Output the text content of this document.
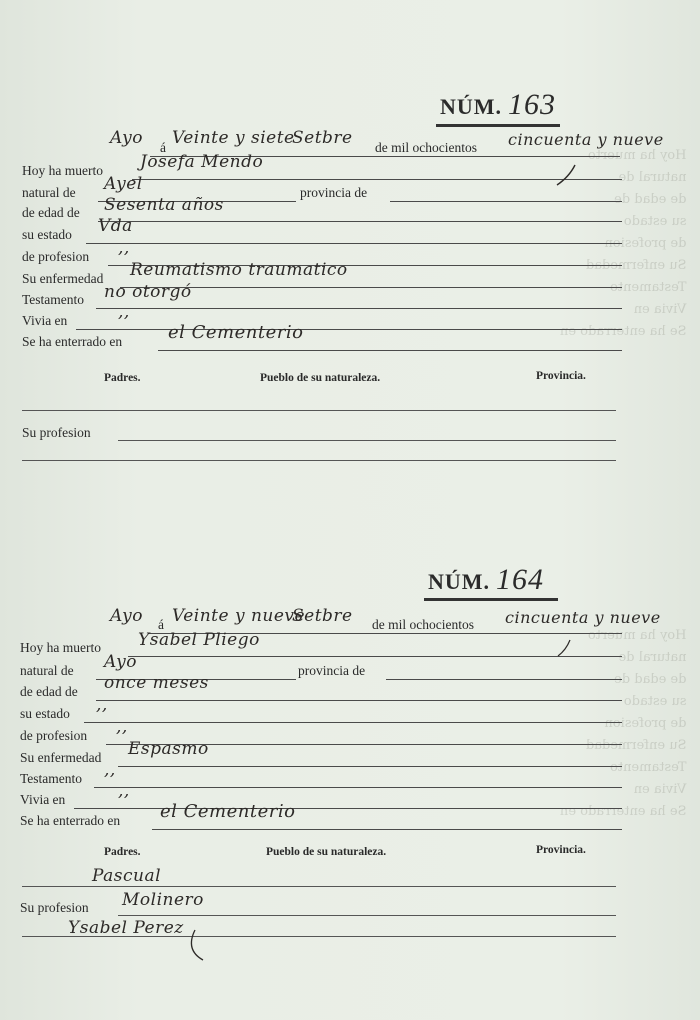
Hoy ha muerto
natural de
de edad de
su estado
de profesion
Su enfermedad
Testamento
Vivia en
Se ha enterrado en
Hoy ha muerto
natural de
de edad de
su estado
de profesion
Su enfermedad
Testamento
Vivia en
Se ha enterrado en
NÚM. 163
Ayo á Veinte y siete
Setbre de mil ochocientos cincuenta y nueve
Hoy ha muerto Josefa Mendo
natural de Ayel	provincia de
de edad de Sesenta años
su estado Vda
de profesion ,,
Su enfermedad Reumatismo traumatico
Testamento no otorgó
Vivia en	,,
Se ha enterrado en	el Cementerio
Padres.	Pueblo de su naturaleza.	Provincia.
Su profesion
NÚM. 164
Ayo á Veinte y nueve
Setbre de mil ochocientos cincuenta y nueve
Hoy ha muerto Ysabel Pliego
natural de Ayo	provincia de
de edad de once meses
su estado ,,
de profesion ,,
Su enfermedad Espasmo
Testamento ,,
Vivia en	,,
Se ha enterrado en el Cementerio
Padres.	Pueblo de su naturaleza.	Provincia.
Pascual
Su profesion Molinero
Ysabel Perez
